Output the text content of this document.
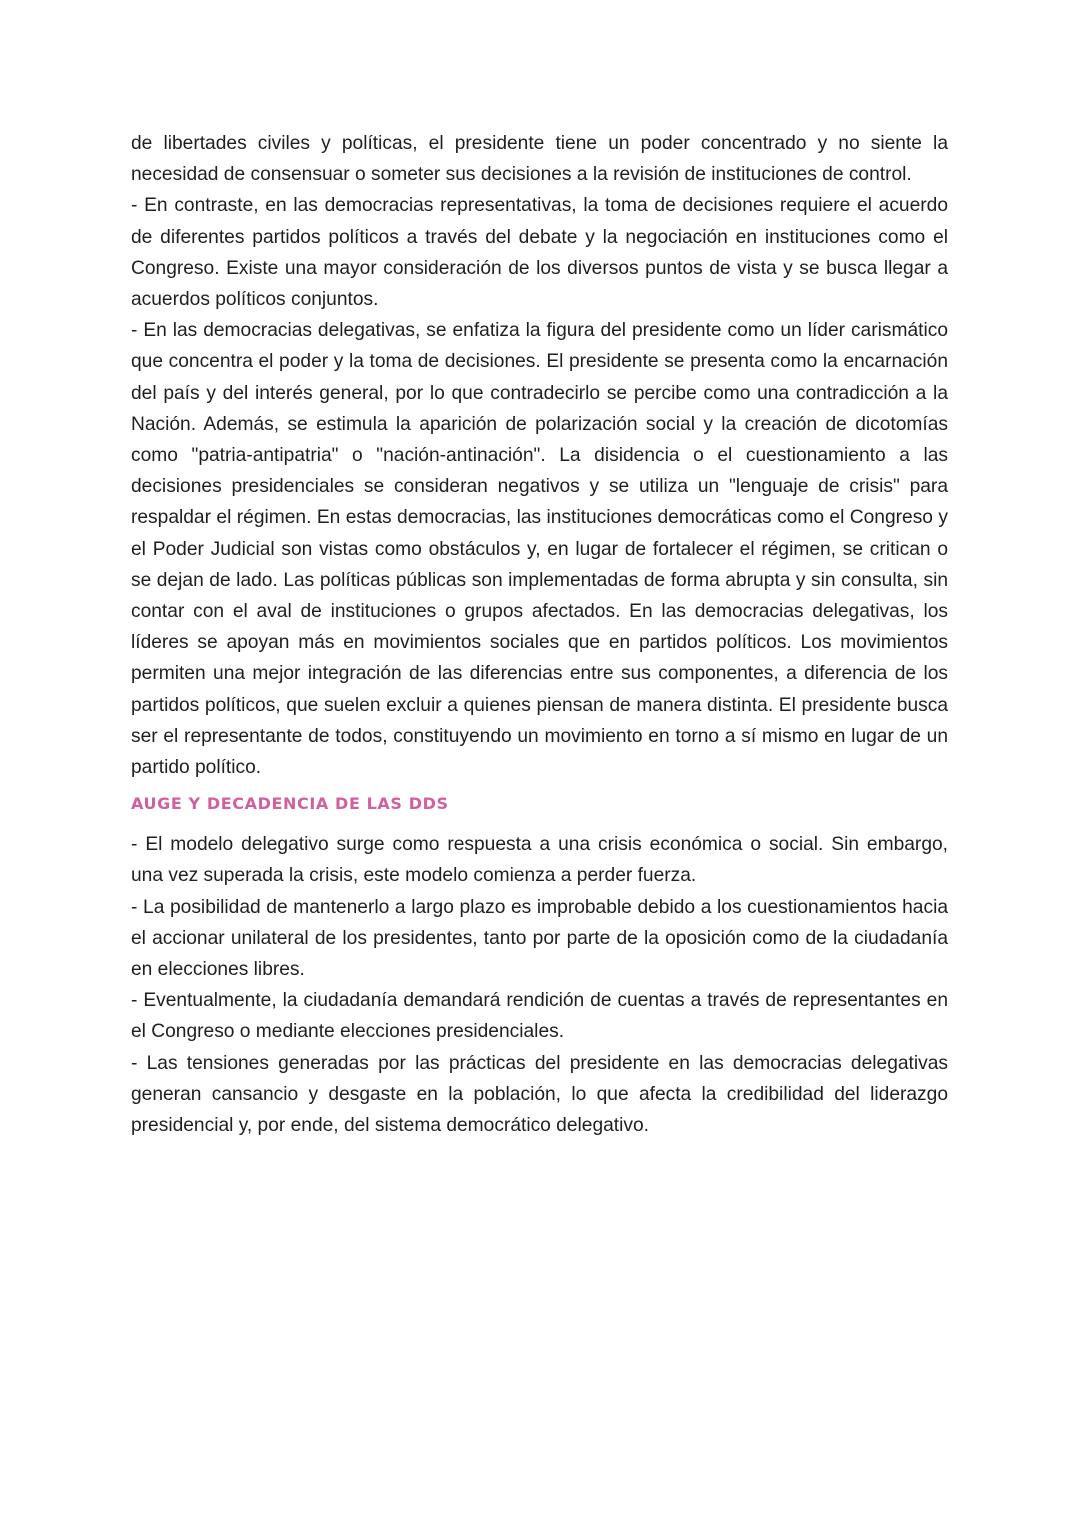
de libertades civiles y políticas, el presidente tiene un poder concentrado y no siente la necesidad de consensuar o someter sus decisiones a la revisión de instituciones de control.

- En contraste, en las democracias representativas, la toma de decisiones requiere el acuerdo de diferentes partidos políticos a través del debate y la negociación en instituciones como el Congreso. Existe una mayor consideración de los diversos puntos de vista y se busca llegar a acuerdos políticos conjuntos.

- En las democracias delegativas, se enfatiza la figura del presidente como un líder carismático que concentra el poder y la toma de decisiones. El presidente se presenta como la encarnación del país y del interés general, por lo que contradecirlo se percibe como una contradicción a la Nación. Además, se estimula la aparición de polarización social y la creación de dicotomías como "patria-antipatria" o "nación-antinación". La disidencia o el cuestionamiento a las decisiones presidenciales se consideran negativos y se utiliza un "lenguaje de crisis" para respaldar el régimen. En estas democracias, las instituciones democráticas como el Congreso y el Poder Judicial son vistas como obstáculos y, en lugar de fortalecer el régimen, se critican o se dejan de lado. Las políticas públicas son implementadas de forma abrupta y sin consulta, sin contar con el aval de instituciones o grupos afectados. En las democracias delegativas, los líderes se apoyan más en movimientos sociales que en partidos políticos. Los movimientos permiten una mejor integración de las diferencias entre sus componentes, a diferencia de los partidos políticos, que suelen excluir a quienes piensan de manera distinta. El presidente busca ser el representante de todos, constituyendo un movimiento en torno a sí mismo en lugar de un partido político.

AUGE Y DECADENCIA DE LAS DDS

- El modelo delegativo surge como respuesta a una crisis económica o social. Sin embargo, una vez superada la crisis, este modelo comienza a perder fuerza.

- La posibilidad de mantenerlo a largo plazo es improbable debido a los cuestionamientos hacia el accionar unilateral de los presidentes, tanto por parte de la oposición como de la ciudadanía en elecciones libres.

- Eventualmente, la ciudadanía demandará rendición de cuentas a través de representantes en el Congreso o mediante elecciones presidenciales.

- Las tensiones generadas por las prácticas del presidente en las democracias delegativas generan cansancio y desgaste en la población, lo que afecta la credibilidad del liderazgo presidencial y, por ende, del sistema democrático delegativo.
